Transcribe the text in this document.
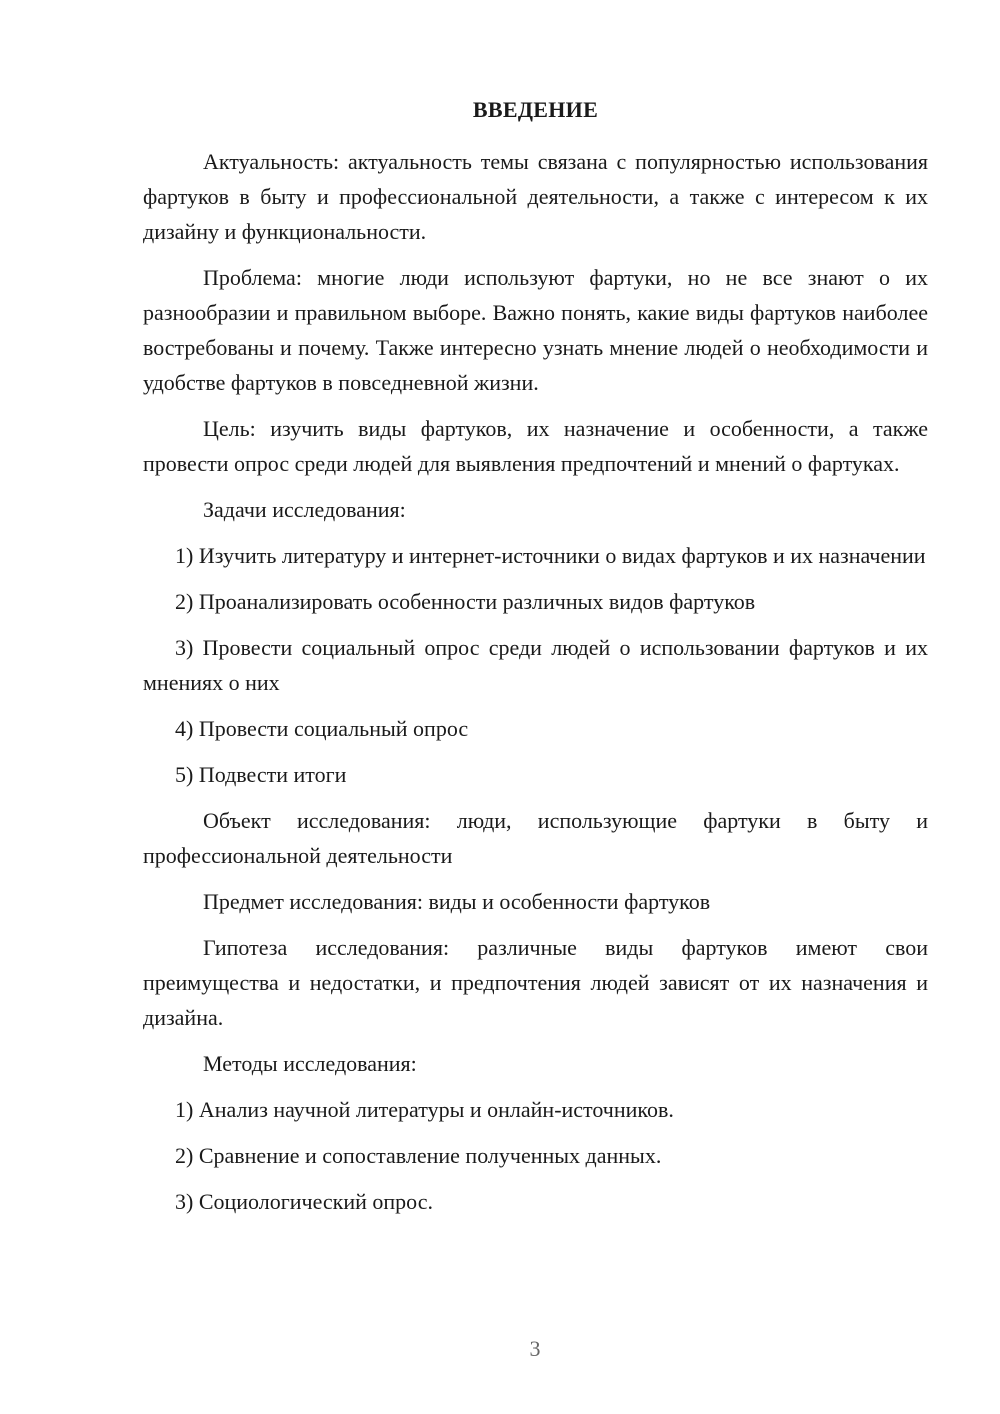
ВВЕДЕНИЕ
Актуальность: актуальность темы связана с популярностью использования фартуков в быту и профессиональной деятельности, а также с интересом к их дизайну и функциональности.
Проблема: многие люди используют фартуки, но не все знают о их разнообразии и правильном выборе. Важно понять, какие виды фартуков наиболее востребованы и почему. Также интересно узнать мнение людей о необходимости и удобстве фартуков в повседневной жизни.
Цель: изучить виды фартуков, их назначение и особенности, а также провести опрос среди людей для выявления предпочтений и мнений о фартуках.
Задачи исследования:
1) Изучить литературу и интернет-источники о видах фартуков и их назначении
2) Проанализировать особенности различных видов фартуков
3) Провести социальный опрос среди людей о использовании фартуков и их мнениях о них
4) Провести социальный опрос
5) Подвести итоги
Объект исследования: люди, использующие фартуки в быту и профессиональной деятельности
Предмет исследования: виды и особенности фартуков
Гипотеза исследования: различные виды фартуков имеют свои преимущества и недостатки, и предпочтения людей зависят от их назначения и дизайна.
Методы исследования:
1) Анализ научной литературы и онлайн-источников.
2) Сравнение и сопоставление полученных данных.
3) Социологический опрос.
3
